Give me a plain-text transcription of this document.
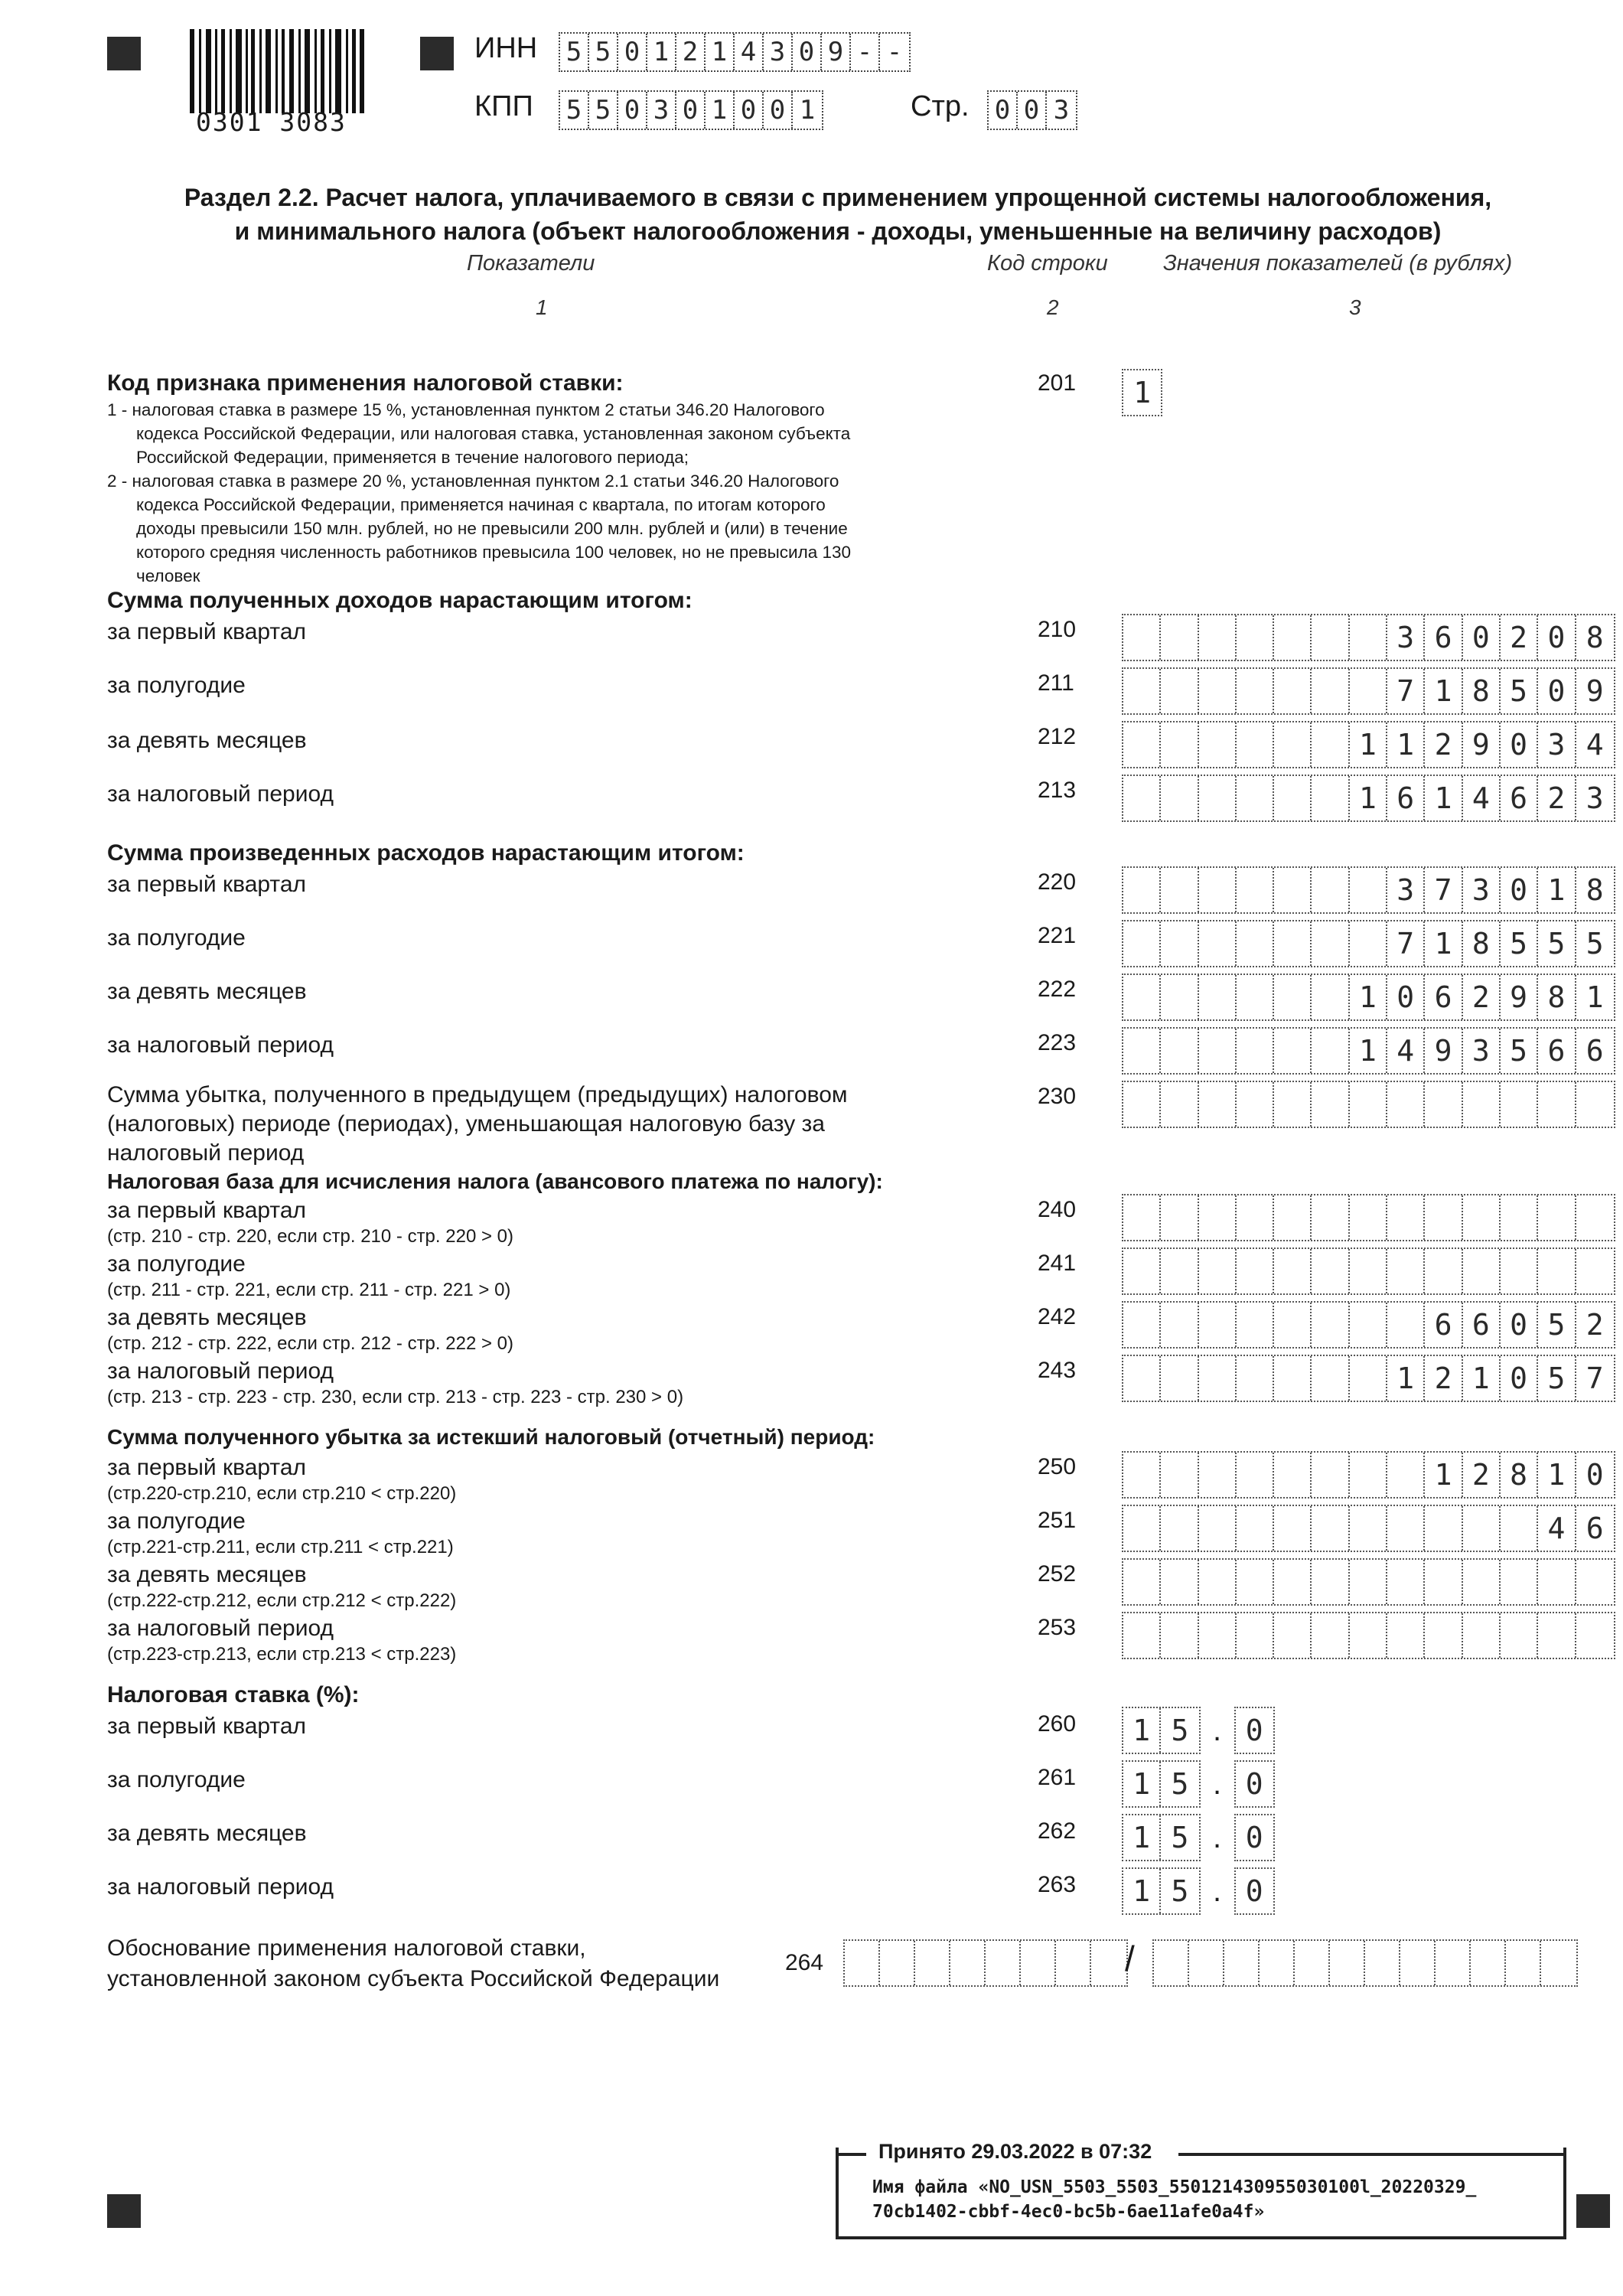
0301 3083
ИНН 5 5 0 1 2 1 4 3 0 9 - -
КПП 5 5 0 3 0 1 0 0 1	Стр. 0 0 3
Раздел 2.2. Расчет налога, уплачиваемого в связи с применением упрощенной системы налогообложения,
и минимального налога (объект налогообложения - доходы, уменьшенные на величину расходов)
Показатели	Код строки Значения показателей (в рублях)
1	2	3
Код признака применения налоговой ставки:

1 - налоговая ставка в размере 15 %, установленная пунктом 2 статьи 346.20 Налогового

кодекса Российской Федерации, или налоговая ставка, установленная законом субъекта

Российской Федерации, применяется в течение налогового периода;

2 - налоговая ставка в размере 20 %, установленная пунктом 2.1 статьи 346.20 Налогового

кодекса Российской Федерации, применяется начиная с квартала, по итогам которого

доходы превысили 150 млн. рублей, но не превысили 200 млн. рублей и (или) в течение

которого средняя численность работников превысила 100 человек, но не превысила 130

человек

201	1
Сумма полученных доходов нарастающим итогом:
за первый квартал	210	3 6 0 2 0 8
за полугодие	211	7 1 8 5 0 9
за девять месяцев	212	1 1 2 9 0 3 4
за налоговый период	213	1 6 1 4 6 2 3
Сумма произведенных расходов нарастающим итогом:
за первый квартал	220	3 7 3 0 1 8
за полугодие	221	7 1 8 5 5 5
за девять месяцев	222	1 0 6 2 9 8 1
за налоговый период	223	1 4 9 3 5 6 6
Сумма убытка, полученного в предыдущем (предыдущих) налоговом
(налоговых) периоде (периодах), уменьшающая налоговую базу за
налоговый период
230
Налоговая база для исчисления налога (авансового платежа по налогу):
за первый квартал
(стр. 210 - стр. 220, если стр. 210 - стр. 220 > 0)
240
за полугодие
(стр. 211 - стр. 221, если стр. 211 - стр. 221 > 0)
241
за девять месяцев
(стр. 212 - стр. 222, если стр. 212 - стр. 222 > 0)
242	6 6 0 5 2
за налоговый период
(стр. 213 - стр. 223 - стр. 230, если стр. 213 - стр. 223 - стр. 230 > 0)
243	1 2 1 0 5 7
Сумма полученного убытка за истекший налоговый (отчетный) период:
за первый квартал
(стр.220-стр.210, если стр.210 < стр.220)
250	1 2 8 1 0
за полугодие
(стр.221-стр.211, если стр.211 < стр.221)
251	4 6
за девять месяцев
(стр.222-стр.212, если стр.212 < стр.222)
252
за налоговый период
(стр.223-стр.213, если стр.213 < стр.223)
253
Налоговая ставка (%):
за первый квартал	260	1 5 . 0
за полугодие	261	1 5 . 0
за девять месяцев	262	1 5 . 0
за налоговый период	263	1 5 . 0
Обоснование применения налоговой ставки,
установленной законом субъекта Российской Федерации
264	/
Принято 29.03.2022 в 07:32
Имя файла «NO_USN_5503_5503_550121430955030100l_20220329_
70cb1402-cbbf-4ec0-bc5b-6ae11afe0a4f»
